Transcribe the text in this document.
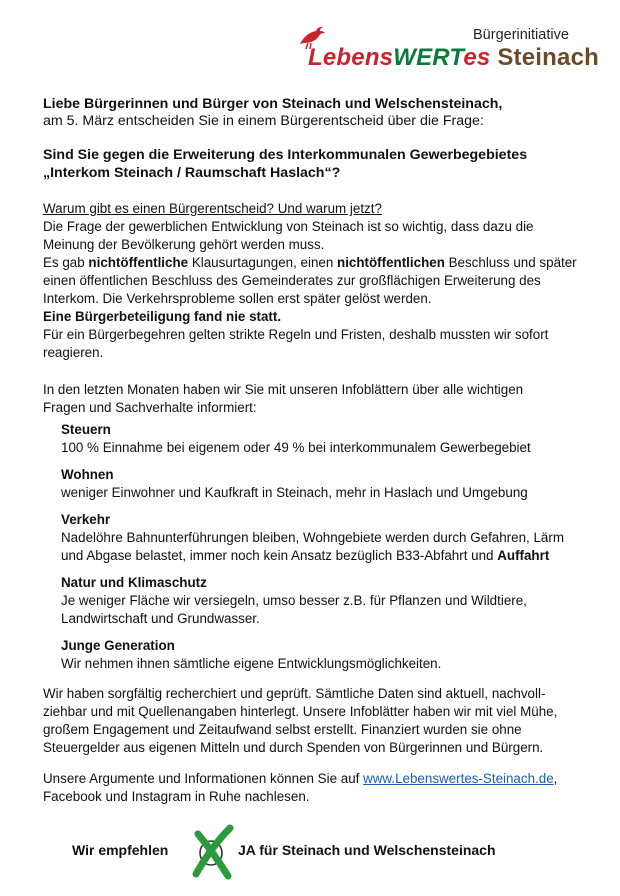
Bürgerinitiative
LebensWERTes Steinach
Liebe Bürgerinnen und Bürger von Steinach und Welschensteinach,
am 5. März entscheiden Sie in einem Bürgerentscheid über die Frage:
Sind Sie gegen die Erweiterung des Interkommunalen Gewerbegebietes
„Interkom Steinach / Raumschaft Haslach“?
Warum gibt es einen Bürgerentscheid? Und warum jetzt?
Die Frage der gewerblichen Entwicklung von Steinach ist so wichtig, dass dazu die
Meinung der Bevölkerung gehört werden muss.
Es gab nichtöffentliche Klausurtagungen, einen nichtöffentlichen Beschluss und später
einen öffentlichen Beschluss des Gemeinderates zur großflächigen Erweiterung des
Interkom. Die Verkehrsprobleme sollen erst später gelöst werden.
Eine Bürgerbeteiligung fand nie statt.
Für ein Bürgerbegehren gelten strikte Regeln und Fristen, deshalb mussten wir sofort
reagieren.
In den letzten Monaten haben wir Sie mit unseren Infoblättern über alle wichtigen
Fragen und Sachverhalte informiert:
Steuern
100 % Einnahme bei eigenem oder 49 % bei interkommunalem Gewerbegebiet
Wohnen
weniger Einwohner und Kaufkraft in Steinach, mehr in Haslach und Umgebung
Verkehr
Nadelöhre Bahnunterführungen bleiben, Wohngebiete werden durch Gefahren, Lärm
und Abgase belastet, immer noch kein Ansatz bezüglich B33-Abfahrt und Auffahrt
Natur und Klimaschutz
Je weniger Fläche wir versiegeln, umso besser z.B. für Pflanzen und Wildtiere,
Landwirtschaft und Grundwasser.
Junge Generation
Wir nehmen ihnen sämtliche eigene Entwicklungsmöglichkeiten.
Wir haben sorgfältig recherchiert und geprüft. Sämtliche Daten sind aktuell, nachvoll-
ziehbar und mit Quellenangaben hinterlegt. Unsere Infoblätter haben wir mit viel Mühe,
großem Engagement und Zeitaufwand selbst erstellt. Finanziert wurden sie ohne
Steuergelder aus eigenen Mitteln und durch Spenden von Bürgerinnen und Bürgern.
Unsere Argumente und Informationen können Sie auf www.Lebenswertes-Steinach.de,
Facebook und Instagram in Ruhe nachlesen.
Wir empfehlen	JA für Steinach und Welschensteinach
